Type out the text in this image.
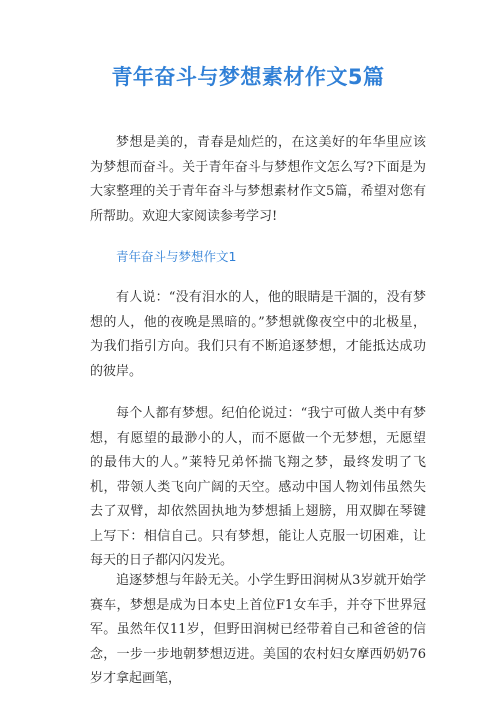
青年奋斗与梦想素材作文5篇

梦想是美的，青春是灿烂的，在这美好的年华里应该为梦想而奋斗。关于青年奋斗与梦想作文怎么写?下面是为大家整理的关于青年奋斗与梦想素材作文5篇，希望对您有所帮助。欢迎大家阅读参考学习!

青年奋斗与梦想作文1

有人说：“没有泪水的人，他的眼睛是干涸的，没有梦想的人，他的夜晚是黑暗的。”梦想就像夜空中的北极星，为我们指引方向。我们只有不断追逐梦想，才能抵达成功的彼岸。

每个人都有梦想。纪伯伦说过：“我宁可做人类中有梦想，有愿望的最渺小的人，而不愿做一个无梦想，无愿望的最伟大的人。”莱特兄弟怀揣飞翔之梦，最终发明了飞机，带领人类飞向广阔的天空。感动中国人物刘伟虽然失去了双臂，却依然固执地为梦想插上翅膀，用双脚在琴键上写下：相信自己。只有梦想，能让人克服一切困难，让每天的日子都闪闪发光。

追逐梦想与年龄无关。小学生野田润树从3岁就开始学赛车，梦想是成为日本史上首位F1女车手，并夺下世界冠军。虽然年仅11岁，但野田润树已经带着自己和爸爸的信念，一步一步地朝梦想迈进。美国的农村妇女摩西奶奶76岁才拿起画笔，
